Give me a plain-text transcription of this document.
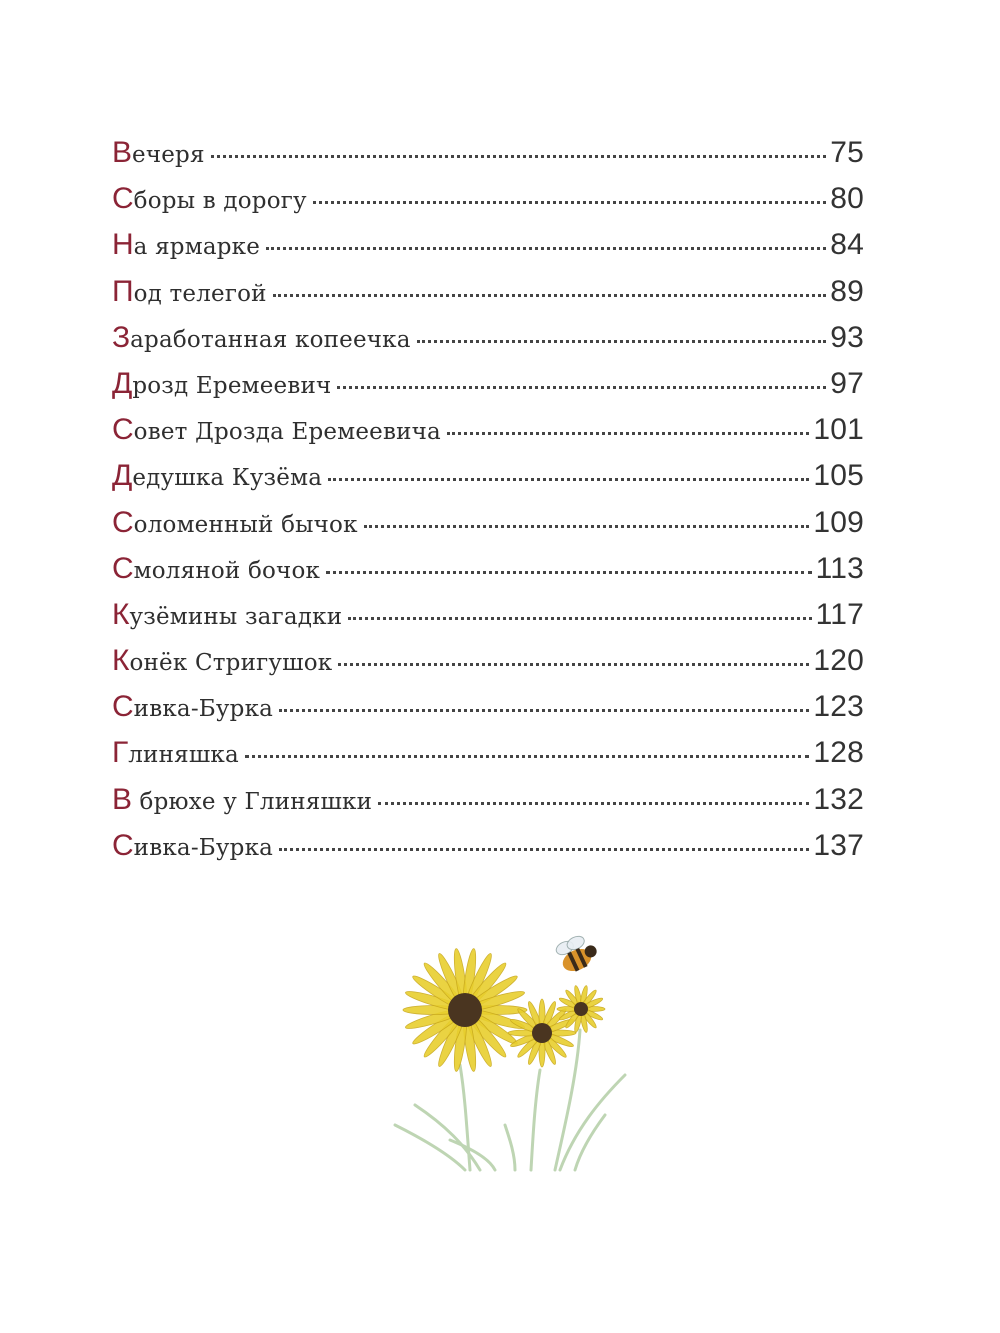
Вечеря	75
Сборы в дорогу	80
На ярмарке	84
Под телегой	89
Заработанная копеечка	93
Дрозд Еремеевич	97
Совет Дрозда Еремеевича	101
Дедушка Кузёма	105
Соломенный бычок	109
Смоляной бочок	113
Кузёмины загадки	117
Конёк Стригушок	120
Сивка-Бурка	123
Глиняшка	128
В брюхе у Глиняшки	132
Сивка-Бурка	137
